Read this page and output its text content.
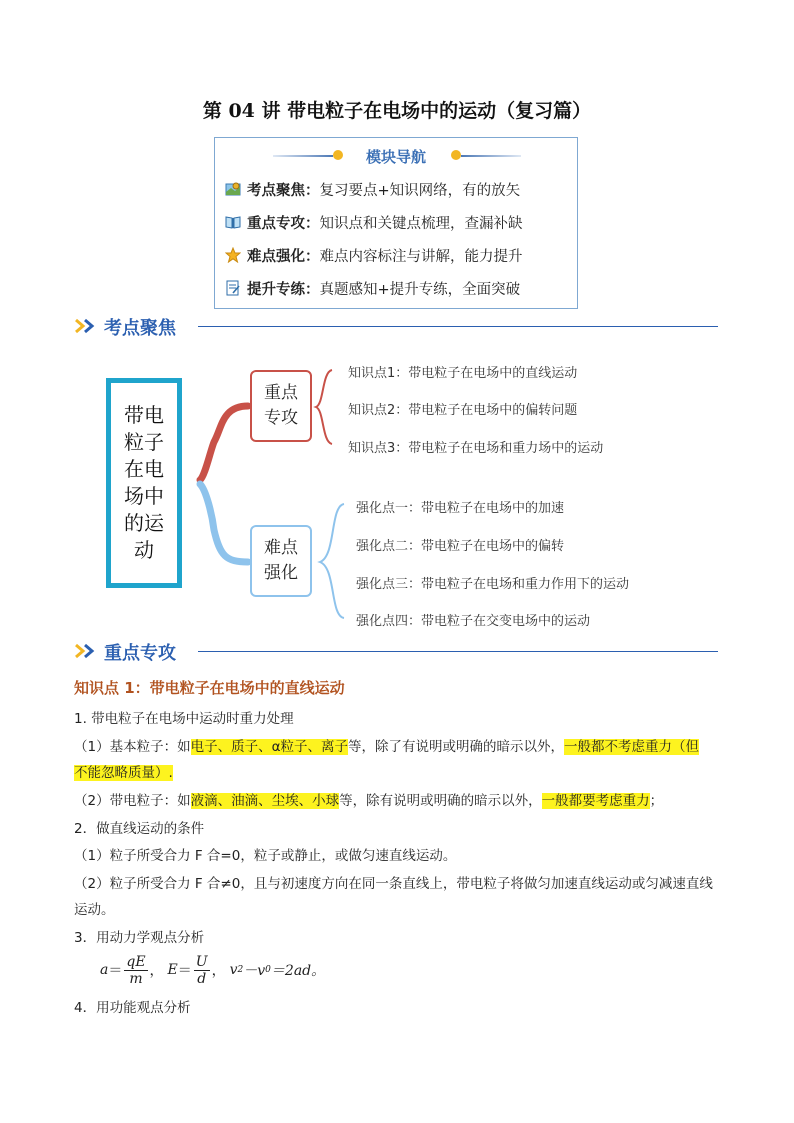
第 04 讲 带电粒子在电场中的运动（复习篇）
模块导航
考点聚焦： 复习要点+知识网络，有的放矢
重点专攻： 知识点和关键点梳理，查漏补缺
难点强化： 难点内容标注与讲解，能力提升
提升专练： 真题感知+提升专练，全面突破
考点聚焦
带电粒子在电场中的运动
重点专攻
难点强化
知识点1：带电粒子在电场中的直线运动
知识点2：带电粒子在电场中的偏转问题
知识点3：带电粒子在电场和重力场中的运动
强化点一：带电粒子在电场中的加速
强化点二：带电粒子在电场中的偏转
强化点三：带电粒子在电场和重力作用下的运动
强化点四：带电粒子在交变电场中的运动
重点专攻
知识点 1：带电粒子在电场中的直线运动
1. 带电粒子在电场中运动时重力处理
（1）基本粒子：如电子、质子、α粒子、离子等，除了有说明或明确的暗示以外，一般都不考虑重力（但
不能忽略质量）.
（2）带电粒子：如液滴、油滴、尘埃、小球等，除有说明或明确的暗示以外，一般都要考虑重力；
2．做直线运动的条件
（1）粒子所受合力 F 合=0，粒子或静止，或做匀速直线运动。
（2）粒子所受合力 F 合≠0，且与初速度方向在同一条直线上，带电粒子将做匀加速直线运动或匀减速直线
运动。
3．用动力学观点分析
$a = \frac{qE}{m}$ ， $E = \frac{U}{d}$ ， v 2 －v 0 ＝2ad。
4．用功能观点分析
